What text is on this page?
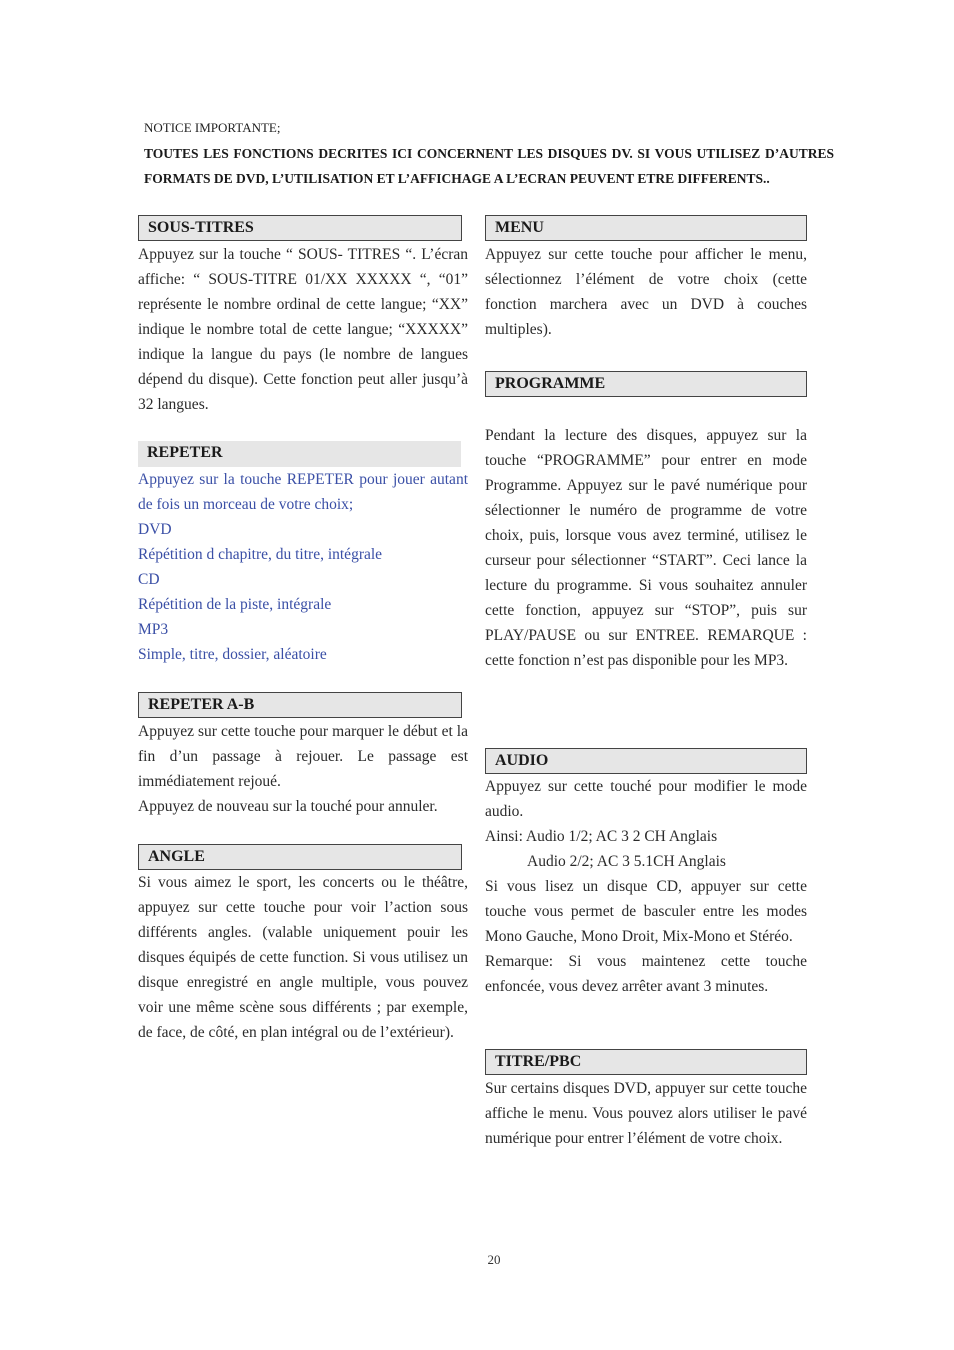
NOTICE IMPORTANTE;
TOUTES LES FONCTIONS DECRITES ICI CONCERNENT LES DISQUES DV. SI VOUS UTILISEZ D’AUTRES FORMATS DE DVD, L’UTILISATION ET L’AFFICHAGE A L’ECRAN PEUVENT ETRE DIFFERENTS..
SOUS-TITRES
Appuyez sur la touche “ SOUS- TITRES “. L’écran affiche: “ SOUS-TITRE 01/XX XXXXX “, “01” représente le nombre ordinal de cette langue; “XX” indique le nombre total de cette langue; “XXXXX” indique la langue du pays (le nombre de langues dépend du disque). Cette fonction peut aller jusqu’à 32 langues.
REPETER

Appuyez sur la touche REPETER pour jouer autant de fois un morceau de votre choix;

DVD

Répétition d chapitre, du titre, intégrale

CD

Répétition de la piste, intégrale

MP3

Simple, titre, dossier, aléatoire

REPETER A-B

Appuyez sur cette touche pour marquer le début et la fin d’un passage à rejouer. Le passage est immédiatement rejoué.

Appuyez de nouveau sur la touché pour annuler.

ANGLE
Si vous aimez le sport, les concerts ou le théâtre, appuyez sur cette touche pour voir l’action sous différents angles. (valable uniquement pouir les disques équipés de cette function. Si vous utilisez un disque enregistré en angle multiple, vous pouvez voir une même scène sous différents ; par exemple, de face, de côté, en plan intégral ou de l’extérieur).
MENU
Appuyez sur cette touche pour afficher le menu, sélectionnez l’élément de votre choix (cette fonction marchera avec un DVD à couches multiples).
PROGRAMME
Pendant la lecture des disques, appuyez sur la touche “PROGRAMME” pour entrer en mode Programme. Appuyez sur le pavé numérique pour sélectionner le numéro de programme de votre choix, puis, lorsque vous avez terminé, utilisez le curseur pour sélectionner “START”. Ceci lance la lecture du programme. Si vous souhaitez annuler cette fonction, appuyez sur “STOP”, puis sur PLAY/PAUSE ou sur ENTREE. REMARQUE : cette fonction n’est pas disponible pour les MP3.
AUDIO

Appuyez sur cette touché pour modifier le mode audio.

Ainsi: Audio 1/2; AC 3 2 CH Anglais

Audio 2/2; AC 3 5.1CH Anglais

Si vous lisez un disque CD, appuyer sur cette touche vous permet de basculer entre les modes Mono Gauche, Mono Droit, Mix-Mono et Stéréo.

Remarque: Si vous maintenez cette touche enfoncée, vous devez arrêter avant 3 minutes.

TITRE/PBC
Sur certains disques DVD, appuyer sur cette touche affiche le menu. Vous pouvez alors utiliser le pavé numérique pour entrer l’élément de votre choix.
20
